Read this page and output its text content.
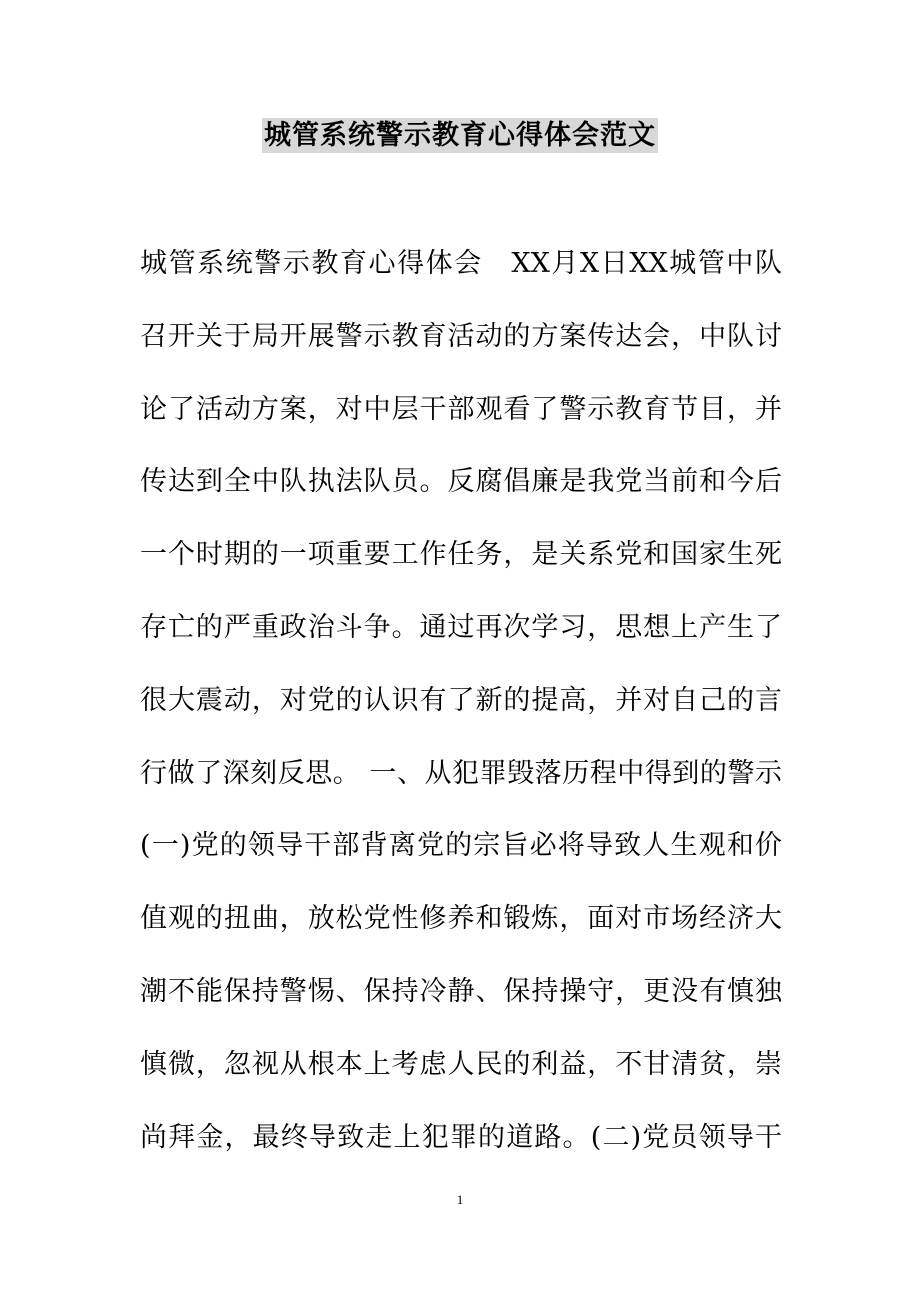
城管系统警示教育心得体会范文
城管系统警示教育心得体会　XX月X日XX城管中队
召开关于局开展警示教育活动的方案传达会，中队讨
论了活动方案，对中层干部观看了警示教育节目，并
传达到全中队执法队员。反腐倡廉是我党当前和今后
一个时期的一项重要工作任务，是关系党和国家生死
存亡的严重政治斗争。通过再次学习，思想上产生了
很大震动，对党的认识有了新的提高，并对自己的言
行做了深刻反思。 一、从犯罪毁落历程中得到的警示
(一)党的领导干部背离党的宗旨必将导致人生观和价
值观的扭曲，放松党性修养和锻炼，面对市场经济大
潮不能保持警惕、保持冷静、保持操守，更没有慎独
慎微，忽视从根本上考虑人民的利益，不甘清贫，崇
尚拜金，最终导致走上犯罪的道路。(二)党员领导干
1
